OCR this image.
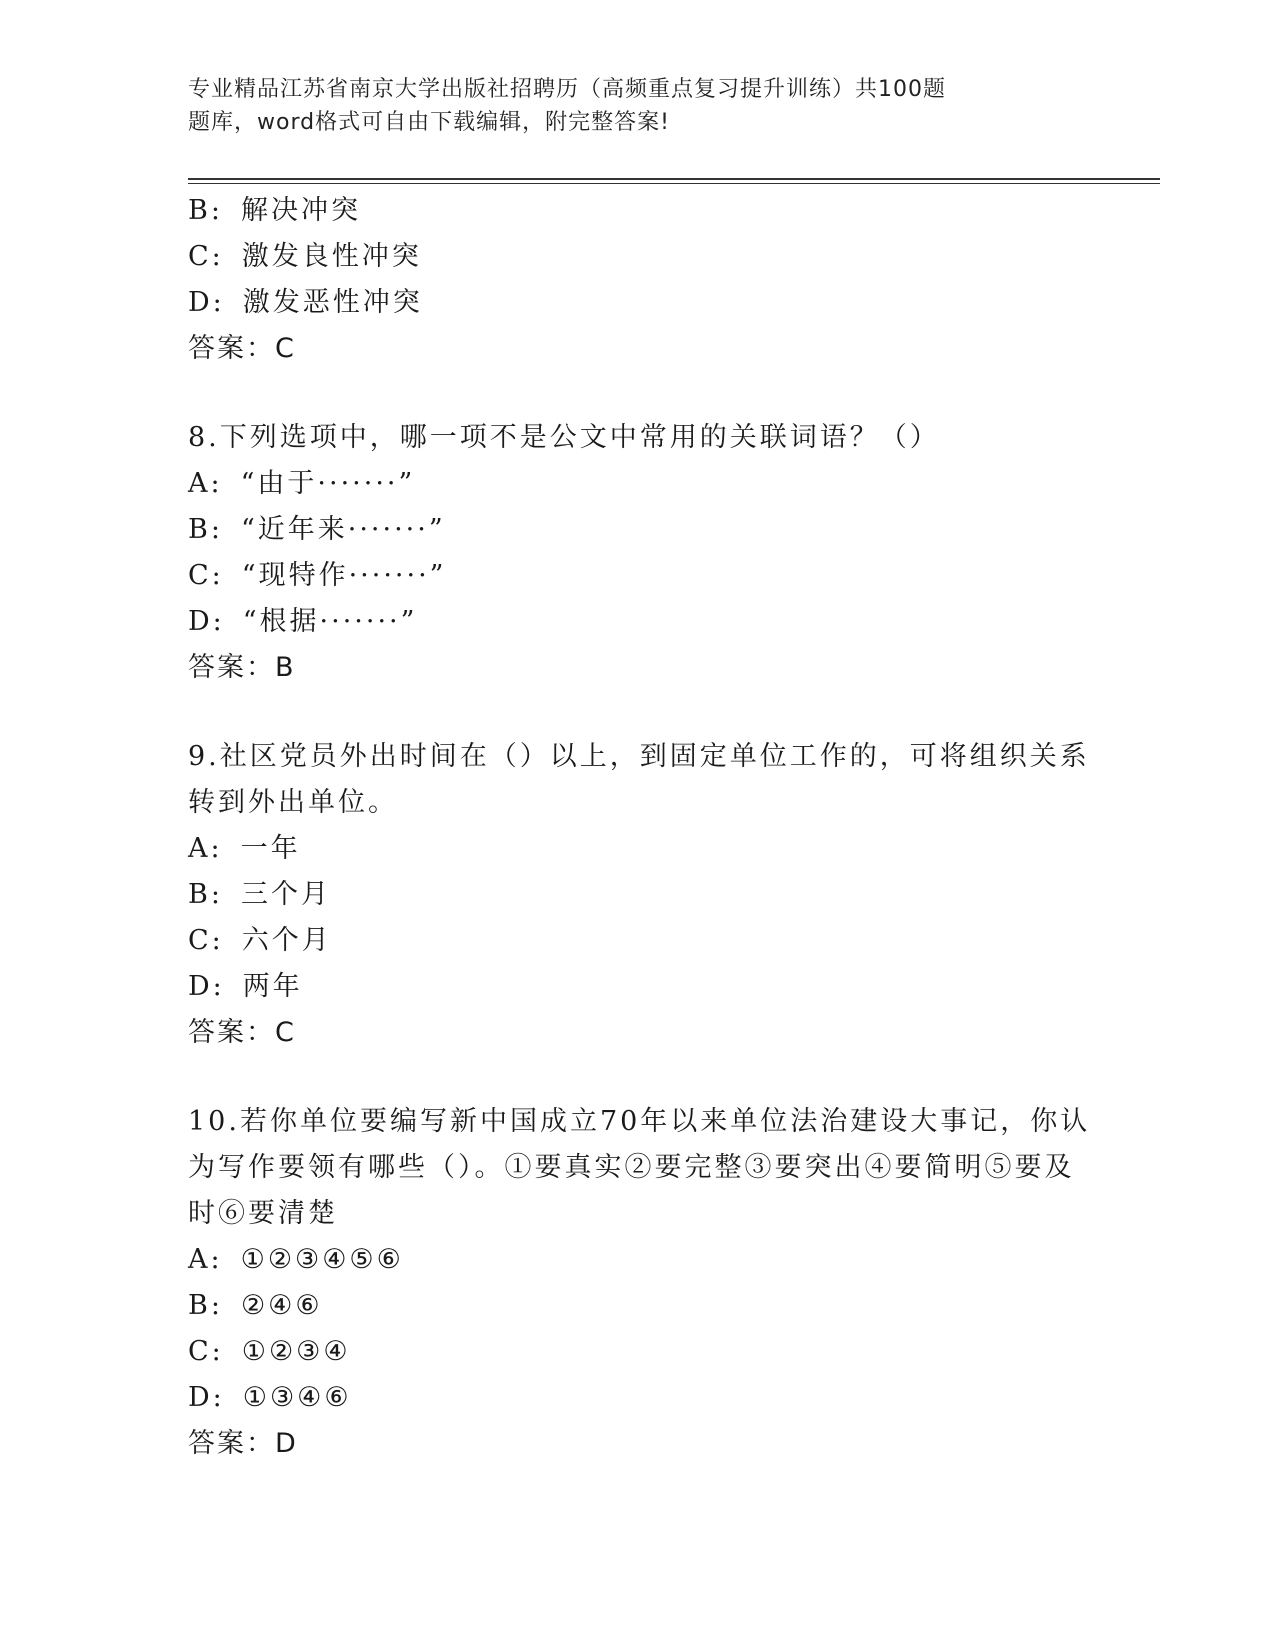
专业精品江苏省南京大学出版社招聘历（高频重点复习提升训练）共100题
题库，word格式可自由下载编辑，附完整答案!
B: 解决冲突
C: 激发良性冲突
D: 激发恶性冲突
答案：C
8.下列选项中，哪一项不是公文中常用的关联词语？（）
A: “由于·······”
B: “近年来·······”
C: “现特作·······”
D: “根据·······”
答案：B
9.社区党员外出时间在（）以上，到固定单位工作的，可将组织关系
转到外出单位。
A: 一年
B: 三个月
C: 六个月
D: 两年
答案：C
10.若你单位要编写新中国成立70年以来单位法治建设大事记，你认
为写作要领有哪些（）。①要真实②要完整③要突出④要简明⑤要及
时⑥要清楚
A: ①②③④⑤⑥
B: ②④⑥
C: ①②③④
D: ①③④⑥
答案：D
